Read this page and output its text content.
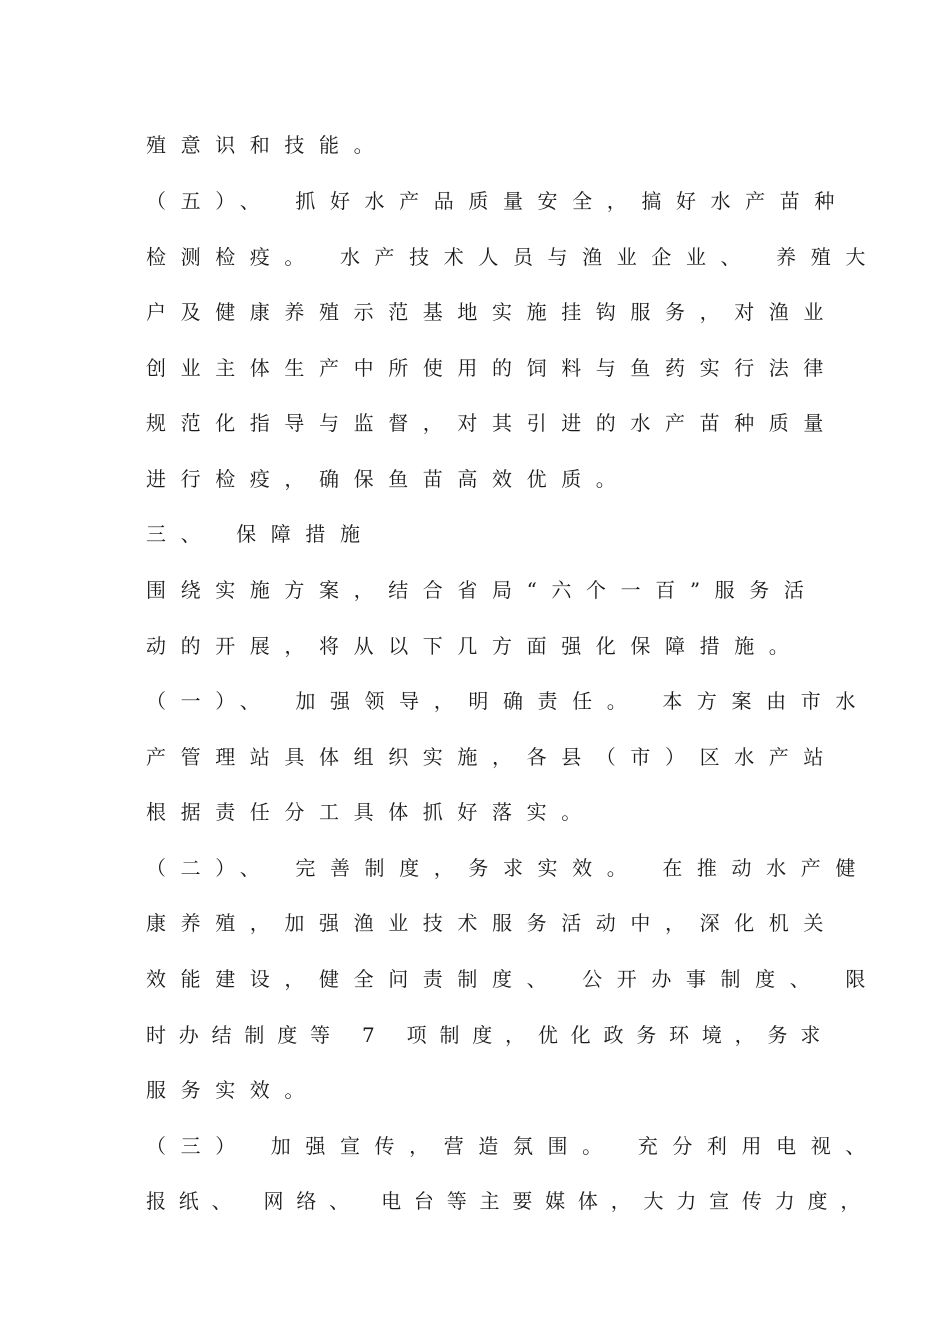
殖意识和技能。
（五）、 抓好水产品质量安全，搞好水产苗种
检测检疫。 水产技术人员与渔业企业、 养殖大
户及健康养殖示范基地实施挂钩服务，对渔业
创业主体生产中所使用的饲料与鱼药实行法律
规范化指导与监督，对其引进的水产苗种质量
进行检疫，确保鱼苗高效优质。
三、 保障措施
围绕实施方案，结合省局“六个一百”服务活
动的开展，将从以下几方面强化保障措施。
（一）、 加强领导，明确责任。 本方案由市水
产管理站具体组织实施，各县（市）区水产站
根据责任分工具体抓好落实。
（二）、 完善制度，务求实效。 在推动水产健
康养殖，加强渔业技术服务活动中，深化机关
效能建设，健全问责制度、 公开办事制度、 限
时办结制度等 7 项制度，优化政务环境，务求
服务实效。
（三） 加强宣传，营造氛围。 充分利用电视、
报纸、 网络、 电台等主要媒体，大力宣传力度，
